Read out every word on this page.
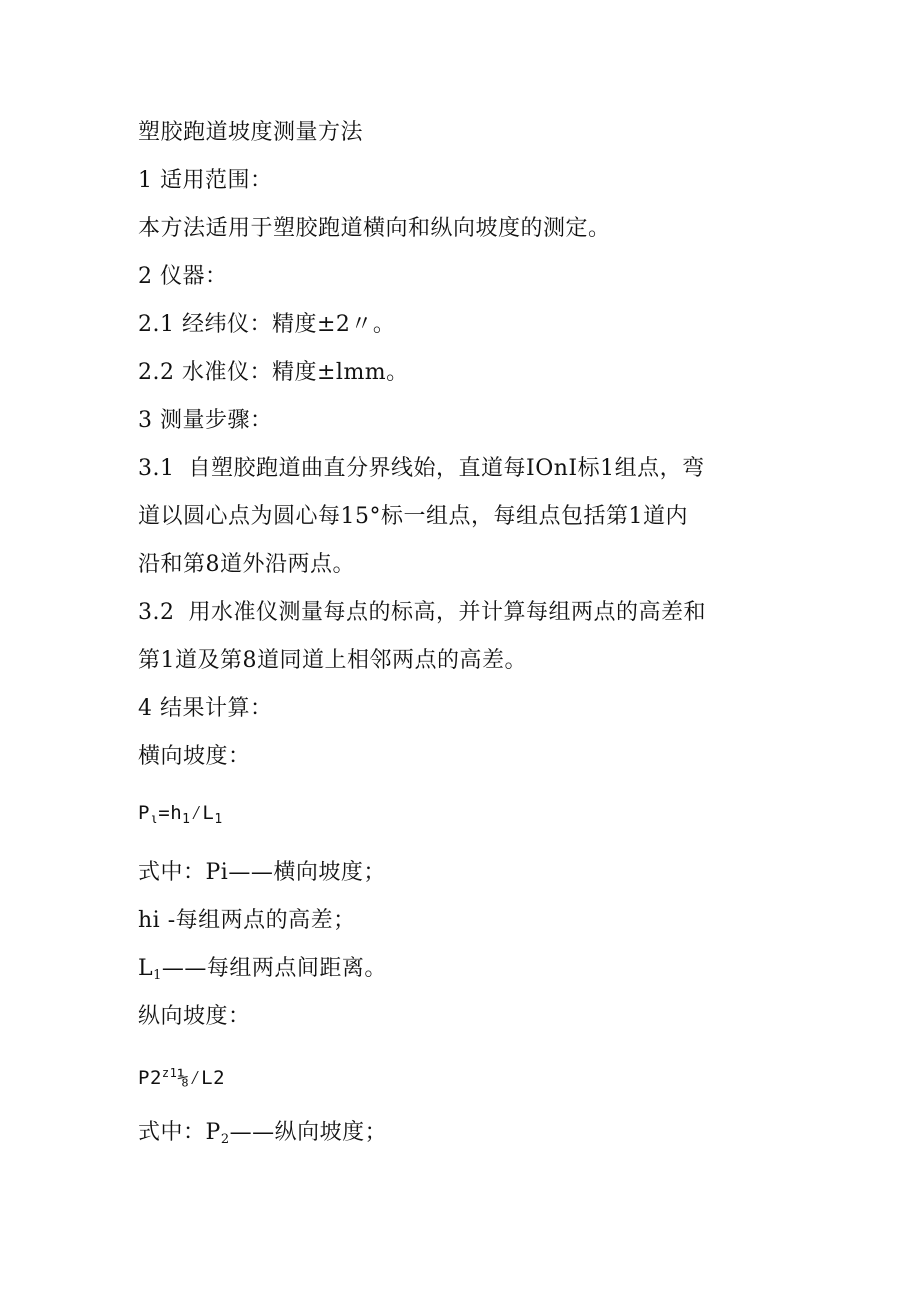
塑胶跑道坡度测量方法
1 适用范围：
本方法适用于塑胶跑道横向和纵向坡度的测定。
2 仪器：
2.1 经纬仪：精度±2〃。
2.2 水准仪：精度±lmm。
3 测量步骤：
3.1 自塑胶跑道曲直分界线始，直道每IOnI标1组点，弯
道以圆心点为圆心每15°标一组点，每组点包括第1道内
沿和第8道外沿两点。
3.2 用水准仪测量每点的标高，并计算每组两点的高差和
第1道及第8道同道上相邻两点的高差。
4 结果计算：
横向坡度：
$P_\iota=h_1⁄L_1$
式中：Pi——横向坡度；
hi -每组两点的高差；
$L_1——$每组两点间距离。
纵向坡度：
$P2^{z1}\frac{1}{8}⁄L2$
式中：$P_2——$纵向坡度；
